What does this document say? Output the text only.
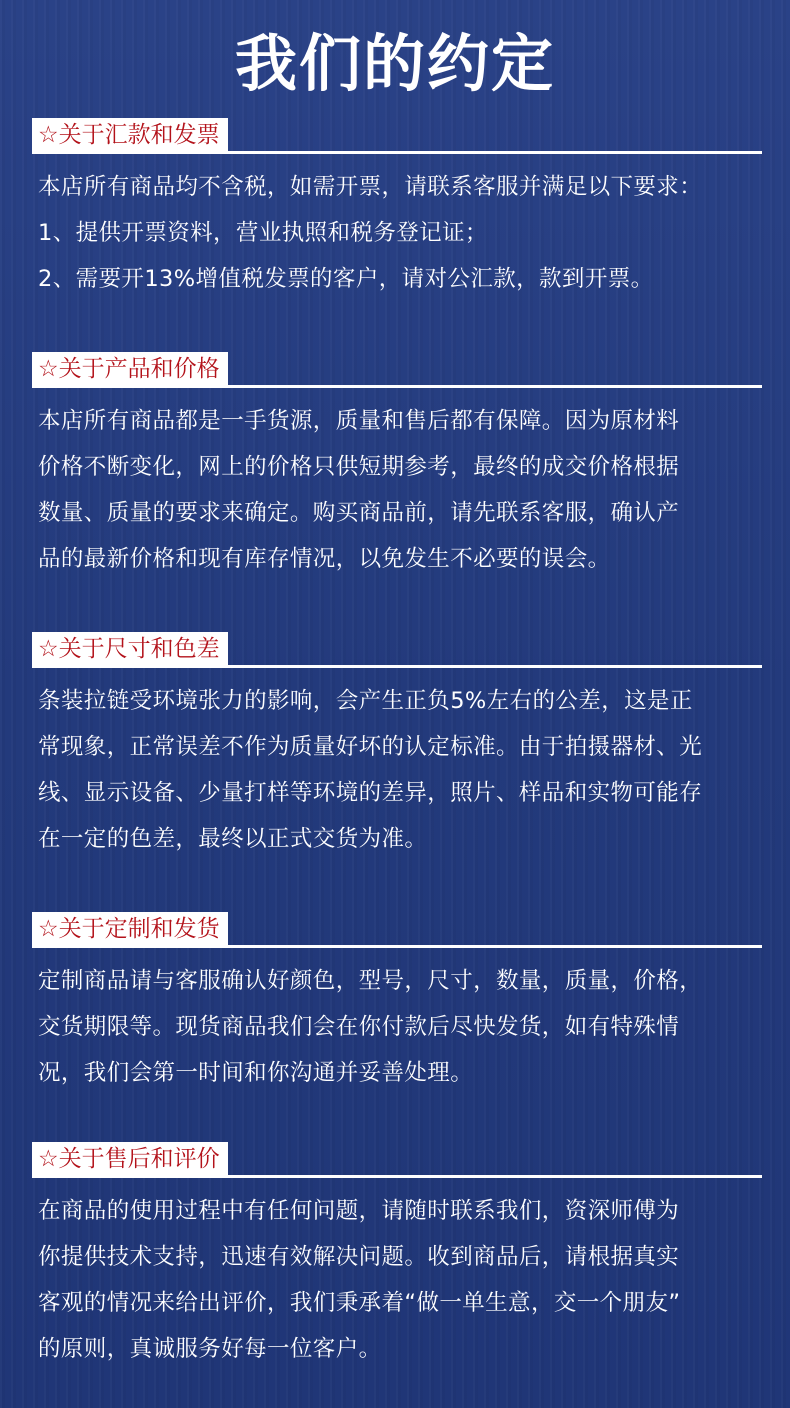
我们的约定
☆关于汇款和发票
本店所有商品均不含税，如需开票，请联系客服并满足以下要求：
1、提供开票资料，营业执照和税务登记证；
2、需要开13%增值税发票的客户，请对公汇款，款到开票。
☆关于产品和价格
本店所有商品都是一手货源，质量和售后都有保障。因为原材料
价格不断变化，网上的价格只供短期参考，最终的成交价格根据
数量、质量的要求来确定。购买商品前，请先联系客服，确认产
品的最新价格和现有库存情况，以免发生不必要的误会。
☆关于尺寸和色差
条装拉链受环境张力的影响，会产生正负5%左右的公差，这是正
常现象，正常误差不作为质量好坏的认定标准。由于拍摄器材、光
线、显示设备、少量打样等环境的差异，照片、样品和实物可能存
在一定的色差，最终以正式交货为准。
☆关于定制和发货
定制商品请与客服确认好颜色，型号，尺寸，数量，质量，价格，
交货期限等。现货商品我们会在你付款后尽快发货，如有特殊情
况，我们会第一时间和你沟通并妥善处理。
☆关于售后和评价
在商品的使用过程中有任何问题，请随时联系我们，资深师傅为
你提供技术支持，迅速有效解决问题。收到商品后，请根据真实
客观的情况来给出评价，我们秉承着“做一单生意，交一个朋友”
的原则，真诚服务好每一位客户。
